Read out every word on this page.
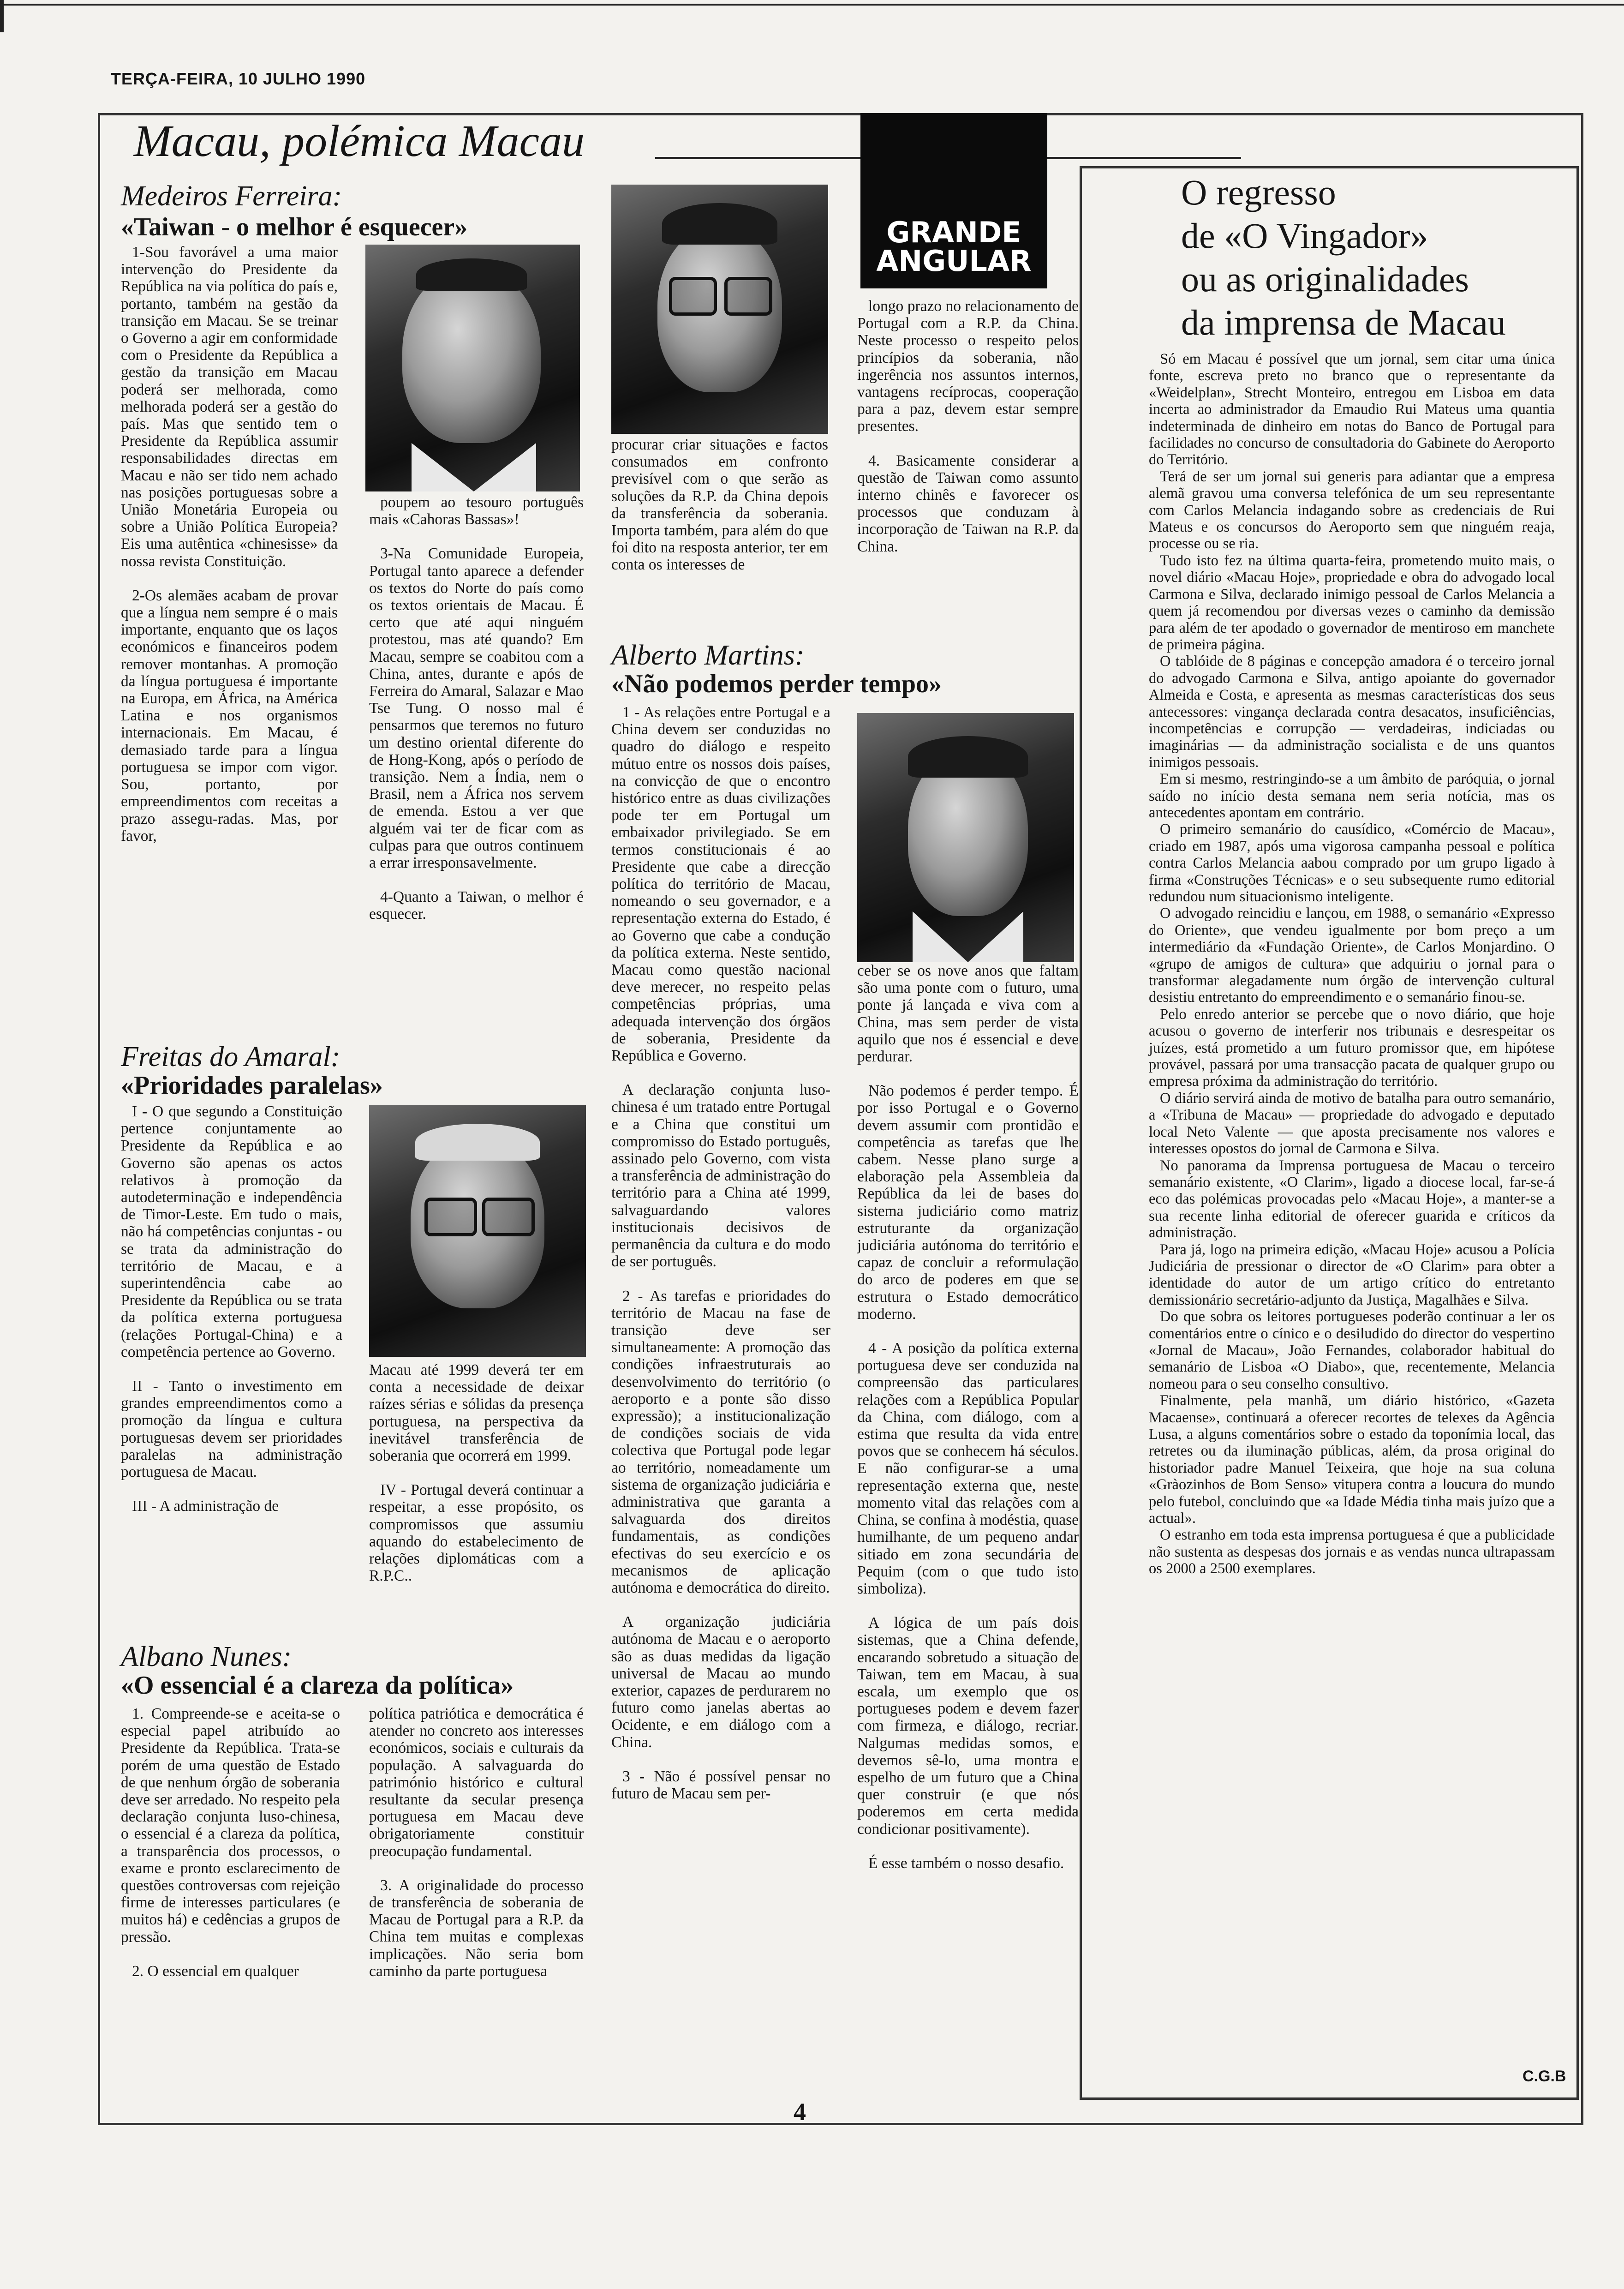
TERÇA-FEIRA, 10 JULHO 1990
Macau, polémica Macau
GRANDE
ANGULAR
Medeiros Ferreira:
«Taiwan - o melhor é esquecer»

1-Sou favorável a uma maior intervenção do Presidente da República na via política do país e, portanto, também na gestão da transição em Macau. Se se treinar o Governo a agir em conformidade com o Presidente da República a gestão da transição em Macau poderá ser melhorada, como melhorada poderá ser a gestão do país. Mas que sentido tem o Presidente da República assumir responsabilidades directas em Macau e não ser tido nem achado nas posições portuguesas sobre a União Monetária Europeia ou sobre a União Política Europeia? Eis uma autêntica «chinesisse» da nossa revista Constituição.

2-Os alemães acabam de provar que a língua nem sempre é o mais importante, enquanto que os laços económicos e financeiros podem remover montanhas. A promoção da língua portuguesa é importante na Europa, em África, na América Latina e nos organismos internacionais. Em Macau, é demasiado tarde para a língua portuguesa se impor com vigor. Sou, portanto, por empreendimentos com receitas a prazo assegu-radas. Mas, por favor,

poupem ao tesouro português mais «Cahoras Bassas»!

3-Na Comunidade Europeia, Portugal tanto aparece a defender os textos do Norte do país como os textos orientais de Macau. É certo que até aqui ninguém protestou, mas até quando? Em Macau, sempre se coabitou com a China, antes, durante e após de Ferreira do Amaral, Salazar e Mao Tse Tung. O nosso mal é pensarmos que teremos no futuro um destino oriental diferente do de Hong-Kong, após o período de transição. Nem a Índia, nem o Brasil, nem a África nos servem de emenda. Estou a ver que alguém vai ter de ficar com as culpas para que outros continuem a errar irresponsavelmente.

4-Quanto a Taiwan, o melhor é esquecer.

procurar criar situações e factos consumados em confronto previsível com o que serão as soluções da R.P. da China depois da transferência da soberania. Importa também, para além do que foi dito na resposta anterior, ter em conta os interesses de

longo prazo no relacionamento de Portugal com a R.P. da China. Neste processo o respeito pelos princípios da soberania, não ingerência nos assuntos internos, vantagens recíprocas, cooperação para a paz, devem estar sempre presentes.

4. Basicamente considerar a questão de Taiwan como assunto interno chinês e favorecer os processos que conduzam à incorporação de Taiwan na R.P. da China.

Freitas do Amaral:
«Prioridades paralelas»

I - O que segundo a Constituição pertence conjuntamente ao Presidente da República e ao Governo são apenas os actos relativos à promoção da autodeterminação e independência de Timor-Leste. Em tudo o mais, não há competências conjuntas - ou se trata da administração do território de Macau, e a superintendência cabe ao Presidente da República ou se trata da política externa portuguesa (relações Portugal-China) e a competência pertence ao Governo.

II - Tanto o investimento em grandes empreendimentos como a promoção da língua e cultura portuguesas devem ser prioridades paralelas na administração portuguesa de Macau.

III - A administração de

Macau até 1999 deverá ter em conta a necessidade de deixar raízes sérias e sólidas da presença portuguesa, na perspectiva da inevitável transferência de soberania que ocorrerá em 1999.

IV - Portugal deverá continuar a respeitar, a esse propósito, os compromissos que assumiu aquando do estabelecimento de relações diplomáticas com a R.P.C..

Albano Nunes:
«O essencial é a clareza da política»

1. Compreende-se e aceita-se o especial papel atribuído ao Presidente da República. Trata-se porém de uma questão de Estado de que nenhum órgão de soberania deve ser arredado. No respeito pela declaração conjunta luso-chinesa, o essencial é a clareza da política, a transparência dos processos, o exame e pronto esclarecimento de questões controversas com rejeição firme de interesses particulares (e muitos há) e cedências a grupos de pressão.

2. O essencial em qualquer

política patriótica e democrática é atender no concreto aos interesses económicos, sociais e culturais da população. A salvaguarda do património histórico e cultural resultante da secular presença portuguesa em Macau deve obrigatoriamente constituir preocupação fundamental.

3. A originalidade do processo de transferência de soberania de Macau de Portugal para a R.P. da China tem muitas e complexas implicações. Não seria bom caminho da parte portuguesa

Alberto Martins:
«Não podemos perder tempo»

1 - As relações entre Portugal e a China devem ser conduzidas no quadro do diálogo e respeito mútuo entre os nossos dois países, na convicção de que o encontro histórico entre as duas civilizações pode ter em Portugal um embaixador privilegiado. Se em termos constitucionais é ao Presidente que cabe a direcção política do território de Macau, nomeando o seu governador, e a representação externa do Estado, é ao Governo que cabe a condução da política externa. Neste sentido, Macau como questão nacional deve merecer, no respeito pelas competências próprias, uma adequada intervenção dos órgãos de soberania, Presidente da República e Governo.

A declaração conjunta luso-chinesa é um tratado entre Portugal e a China que constitui um compromisso do Estado português, assinado pelo Governo, com vista a transferência de administração do território para a China até 1999, salvaguardando valores institucionais decisivos de permanência da cultura e do modo de ser português.

2 - As tarefas e prioridades do território de Macau na fase de transição deve ser simultaneamente: A promoção das condições infraestruturais ao desenvolvimento do território (o aeroporto e a ponte são disso expressão); a institucionalização de condições sociais de vida colectiva que Portugal pode legar ao território, nomeadamente um sistema de organização judiciária e administrativa que garanta a salvaguarda dos direitos fundamentais, as condições efectivas do seu exercício e os mecanismos de aplicação autónoma e democrática do direito.

A organização judiciária autónoma de Macau e o aeroporto são as duas medidas da ligação universal de Macau ao mundo exterior, capazes de perdurarem no futuro como janelas abertas ao Ocidente, e em diálogo com a China.

3 - Não é possível pensar no futuro de Macau sem per-

ceber se os nove anos que faltam são uma ponte com o futuro, uma ponte já lançada e viva com a China, mas sem perder de vista aquilo que nos é essencial e deve perdurar.

Não podemos é perder tempo. É por isso Portugal e o Governo devem assumir com prontidão e competência as tarefas que lhe cabem. Nesse plano surge a elaboração pela Assembleia da República da lei de bases do sistema judiciário como matriz estruturante da organização judiciária autónoma do território e capaz de concluir a reformulação do arco de poderes em que se estrutura o Estado democrático moderno.

4 - A posição da política externa portuguesa deve ser conduzida na compreensão das particulares relações com a República Popular da China, com diálogo, com a estima que resulta da vida entre povos que se conhecem há séculos. E não configurar-se a uma representação externa que, neste momento vital das relações com a China, se confina à modéstia, quase humilhante, de um pequeno andar sitiado em zona secundária de Pequim (com o que tudo isto simboliza).

A lógica de um país dois sistemas, que a China defende, encarando sobretudo a situação de Taiwan, tem em Macau, à sua escala, um exemplo que os portugueses podem e devem fazer com firmeza, e diálogo, recriar. Nalgumas medidas somos, e devemos sê-lo, uma montra e espelho de um futuro que a China quer construir (e que nós poderemos em certa medida condicionar positivamente).

É esse também o nosso desafio.

O regresso
de «O Vingador»
ou as originalidades
da imprensa de Macau

Só em Macau é possível que um jornal, sem citar uma única fonte, escreva preto no branco que o representante da «Weidelplan», Strecht Monteiro, entregou em Lisboa em data incerta ao administrador da Emaudio Rui Mateus uma quantia indeterminada de dinheiro em notas do Banco de Portugal para facilidades no concurso de consultadoria do Gabinete do Aeroporto do Território.

Terá de ser um jornal sui generis para adiantar que a empresa alemã gravou uma conversa telefónica de um seu representante com Carlos Melancia indagando sobre as credenciais de Rui Mateus e os concursos do Aeroporto sem que ninguém reaja, processe ou se ria.

Tudo isto fez na última quarta-feira, prometendo muito mais, o novel diário «Macau Hoje», propriedade e obra do advogado local Carmona e Silva, declarado inimigo pessoal de Carlos Melancia a quem já recomendou por diversas vezes o caminho da demissão para além de ter apodado o governador de mentiroso em manchete de primeira página.

O tablóide de 8 páginas e concepção amadora é o terceiro jornal do advogado Carmona e Silva, antigo apoiante do governador Almeida e Costa, e apresenta as mesmas características dos seus antecessores: vingança declarada contra desacatos, insuficiências, incompetências e corrupção — verdadeiras, indiciadas ou imaginárias — da administração socialista e de uns quantos inimigos pessoais.

Em si mesmo, restringindo-se a um âmbito de paróquia, o jornal saído no início desta semana nem seria notícia, mas os antecedentes apontam em contrário.

O primeiro semanário do causídico, «Comércio de Macau», criado em 1987, após uma vigorosa campanha pessoal e política contra Carlos Melancia aabou comprado por um grupo ligado à firma «Construções Técnicas» e o seu subsequente rumo editorial redundou num situacionismo inteligente.

O advogado reincidiu e lançou, em 1988, o semanário «Expresso do Oriente», que vendeu igualmente por bom preço a um intermediário da «Fundação Oriente», de Carlos Monjardino. O «grupo de amigos de cultura» que adquiriu o jornal para o transformar alegadamente num órgão de intervenção cultural desistiu entretanto do empreendimento e o semanário finou-se.

Pelo enredo anterior se percebe que o novo diário, que hoje acusou o governo de interferir nos tribunais e desrespeitar os juízes, está prometido a um futuro promissor que, em hipótese provável, passará por uma transacção pacata de qualquer grupo ou empresa próxima da administração do território.

O diário servirá ainda de motivo de batalha para outro semanário, a «Tribuna de Macau» — propriedade do advogado e deputado local Neto Valente — que aposta precisamente nos valores e interesses opostos do jornal de Carmona e Silva.

No panorama da Imprensa portuguesa de Macau o terceiro semanário existente, «O Clarim», ligado a diocese local, far-se-á eco das polémicas provocadas pelo «Macau Hoje», a manter-se a sua recente linha editorial de oferecer guarida e críticos da administração.

Para já, logo na primeira edição, «Macau Hoje» acusou a Polícia Judiciária de pressionar o director de «O Clarim» para obter a identidade do autor de um artigo crítico do entretanto demissionário secretário-adjunto da Justiça, Magalhães e Silva.

Do que sobra os leitores portugueses poderão continuar a ler os comentários entre o cínico e o desiludido do director do vespertino «Jornal de Macau», João Fernandes, colaborador habitual do semanário de Lisboa «O Diabo», que, recentemente, Melancia nomeou para o seu conselho consultivo.

Finalmente, pela manhã, um diário histórico, «Gazeta Macaense», continuará a oferecer recortes de telexes da Agência Lusa, a alguns comentários sobre o estado da toponímia local, das retretes ou da iluminação públicas, além, da prosa original do historiador padre Manuel Teixeira, que hoje na sua coluna «Gràozinhos de Bom Senso» vitupera contra a loucura do mundo pelo futebol, concluindo que «a Idade Média tinha mais juízo que a actual».

O estranho em toda esta imprensa portuguesa é que a publicidade não sustenta as despesas dos jornais e as vendas nunca ultrapassam os 2000 a 2500 exemplares.

C.G.B
4
